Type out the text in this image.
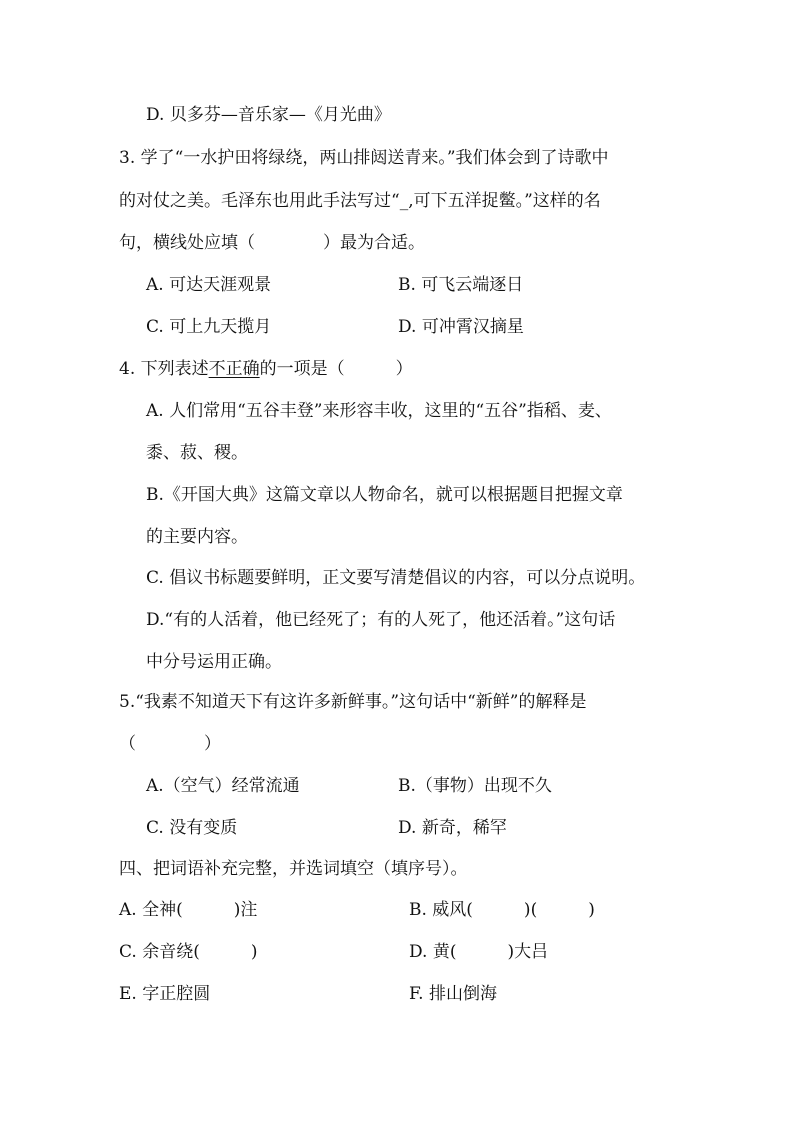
D. 贝多芬—音乐家—《月光曲》
3. 学了“一水护田将绿绕，两山排闼送青来。”我们体会到了诗歌中
的对仗之美。毛泽东也用此手法写过“_,可下五洋捉鳖。”这样的名
句，横线处应填（　　　　）最为合适。
A. 可达天涯观景	B. 可飞云端逐日
C. 可上九天揽月	D. 可冲霄汉摘星
4. 下列表述不正确的一项是（　　　）
A. 人们常用“五谷丰登”来形容丰收，这里的“五谷”指稻、麦、
黍、菽、稷。
B.《开国大典》这篇文章以人物命名，就可以根据题目把握文章
的主要内容。
C. 倡议书标题要鲜明，正文要写清楚倡议的内容，可以分点说明。
D.“有的人活着，他已经死了；有的人死了，他还活着。”这句话
中分号运用正确。
5.“我素不知道天下有这许多新鲜事。”这句话中“新鲜”的解释是
（　　　　）
A.（空气）经常流通	B.（事物）出现不久
C. 没有变质	D. 新奇，稀罕
四、把词语补充完整，并选词填空（填序号）。
A. 全神(　　　)注	B. 威风(　　　)(　　　)
C. 余音绕(　　　)	D. 黄(　　　)大吕
E. 字正腔圆	F. 排山倒海
